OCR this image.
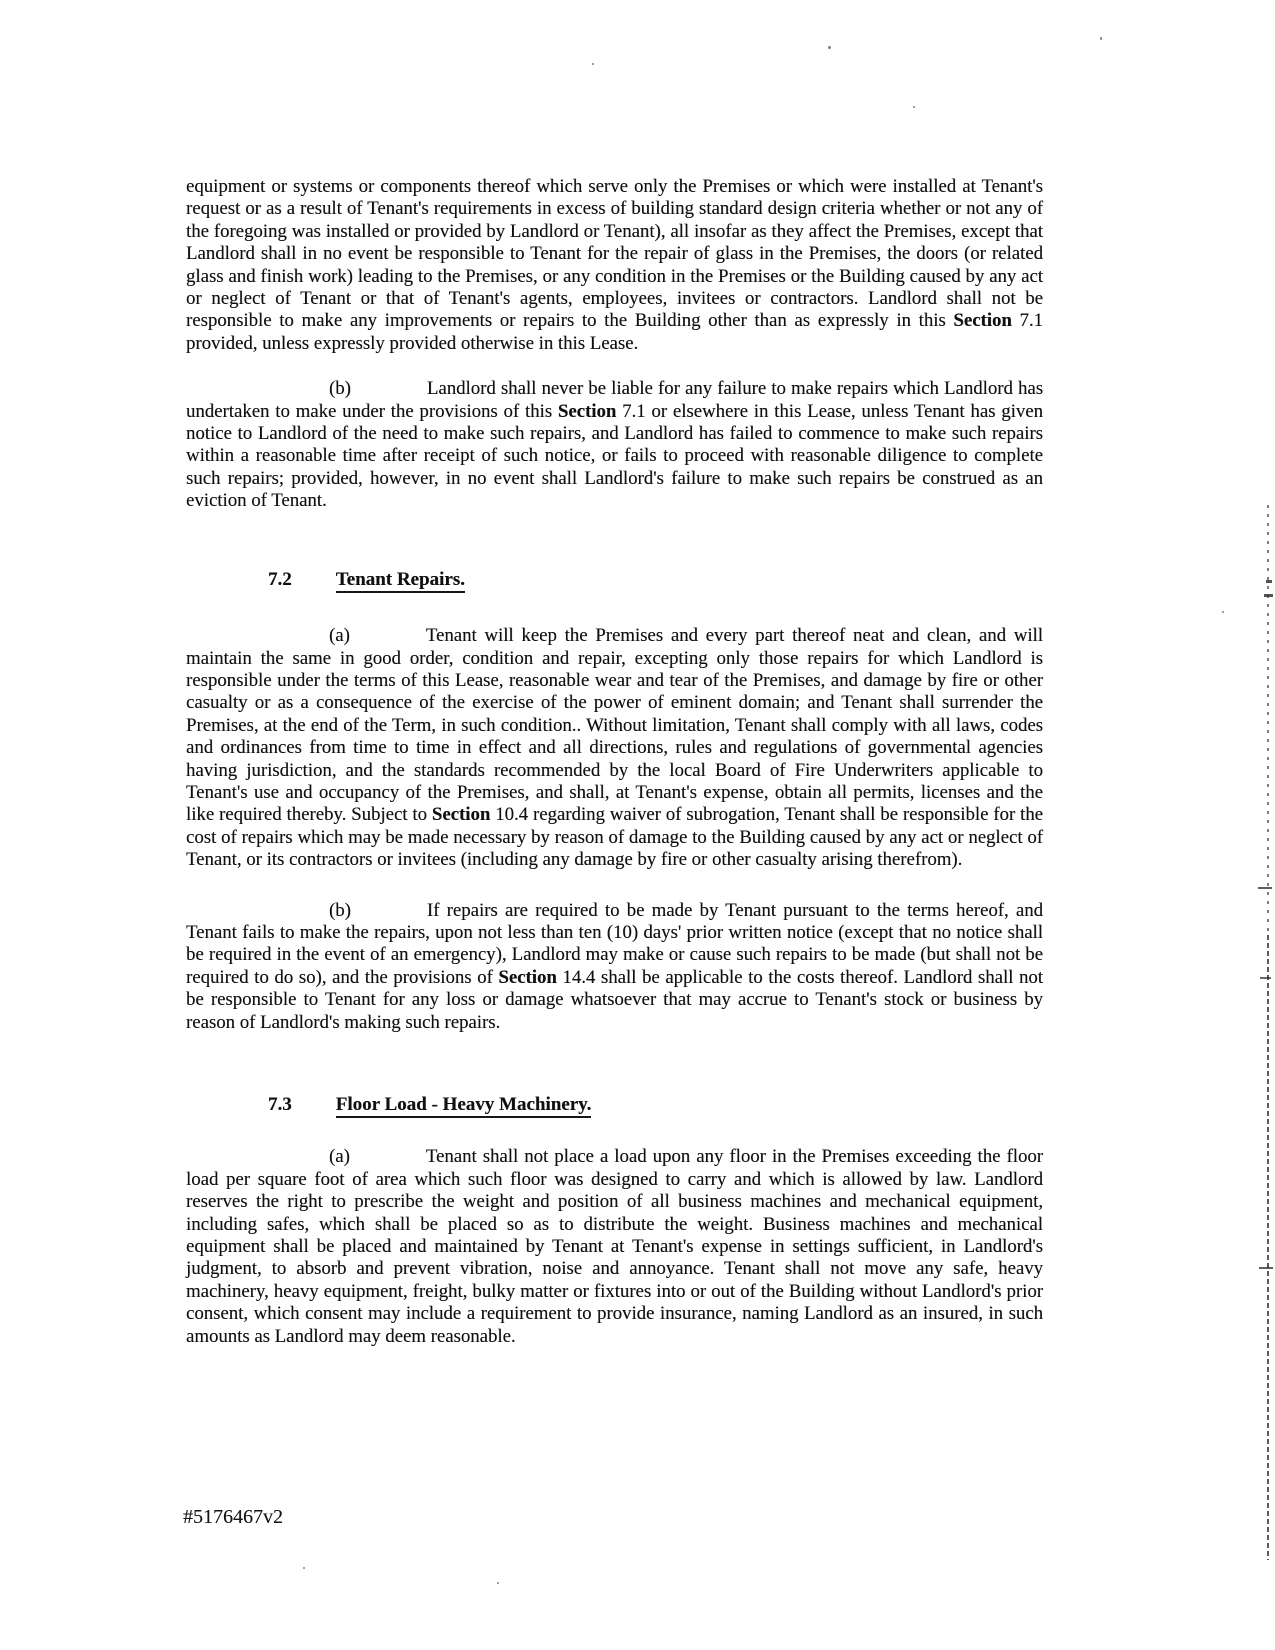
equipment or systems or components thereof which serve only the Premises or which were installed at Tenant's request or as a result of Tenant's requirements in excess of building standard design criteria whether or not any of the foregoing was installed or provided by Landlord or Tenant), all insofar as they affect the Premises, except that Landlord shall in no event be responsible to Tenant for the repair of glass in the Premises, the doors (or related glass and finish work) leading to the Premises, or any condition in the Premises or the Building caused by any act or neglect of Tenant or that of Tenant's agents, employees, invitees or contractors. Landlord shall not be responsible to make any improvements or repairs to the Building other than as expressly in this Section 7.1 provided, unless expressly provided otherwise in this Lease.

(b)	Landlord shall never be liable for any failure to make repairs which Landlord has undertaken to make under the provisions of this Section 7.1 or elsewhere in this Lease, unless Tenant has given notice to Landlord of the need to make such repairs, and Landlord has failed to commence to make such repairs within a reasonable time after receipt of such notice, or fails to proceed with reasonable diligence to complete such repairs; provided, however, in no event shall Landlord's failure to make such repairs be construed as an eviction of Tenant.

7.2 Tenant Repairs.

(a)	Tenant will keep the Premises and every part thereof neat and clean, and will maintain the same in good order, condition and repair, excepting only those repairs for which Landlord is responsible under the terms of this Lease, reasonable wear and tear of the Premises, and damage by fire or other casualty or as a consequence of the exercise of the power of eminent domain; and Tenant shall surrender the Premises, at the end of the Term, in such condition.. Without limitation, Tenant shall comply with all laws, codes and ordinances from time to time in effect and all directions, rules and regulations of governmental agencies having jurisdiction, and the standards recommended by the local Board of Fire Underwriters applicable to Tenant's use and occupancy of the Premises, and shall, at Tenant's expense, obtain all permits, licenses and the like required thereby. Subject to Section 10.4 regarding waiver of subrogation, Tenant shall be responsible for the cost of repairs which may be made necessary by reason of damage to the Building caused by any act or neglect of Tenant, or its contractors or invitees (including any damage by fire or other casualty arising therefrom).

(b)	If repairs are required to be made by Tenant pursuant to the terms hereof, and Tenant fails to make the repairs, upon not less than ten (10) days' prior written notice (except that no notice shall be required in the event of an emergency), Landlord may make or cause such repairs to be made (but shall not be required to do so), and the provisions of Section 14.4 shall be applicable to the costs thereof. Landlord shall not be responsible to Tenant for any loss or damage whatsoever that may accrue to Tenant's stock or business by reason of Landlord's making such repairs.

7.3 Floor Load - Heavy Machinery.

(a)	Tenant shall not place a load upon any floor in the Premises exceeding the floor load per square foot of area which such floor was designed to carry and which is allowed by law. Landlord reserves the right to prescribe the weight and position of all business machines and mechanical equipment, including safes, which shall be placed so as to distribute the weight. Business machines and mechanical equipment shall be placed and maintained by Tenant at Tenant's expense in settings sufficient, in Landlord's judgment, to absorb and prevent vibration, noise and annoyance. Tenant shall not move any safe, heavy machinery, heavy equipment, freight, bulky matter or fixtures into or out of the Building without Landlord's prior consent, which consent may include a requirement to provide insurance, naming Landlord as an insured, in such amounts as Landlord may deem reasonable.

#5176467v2
